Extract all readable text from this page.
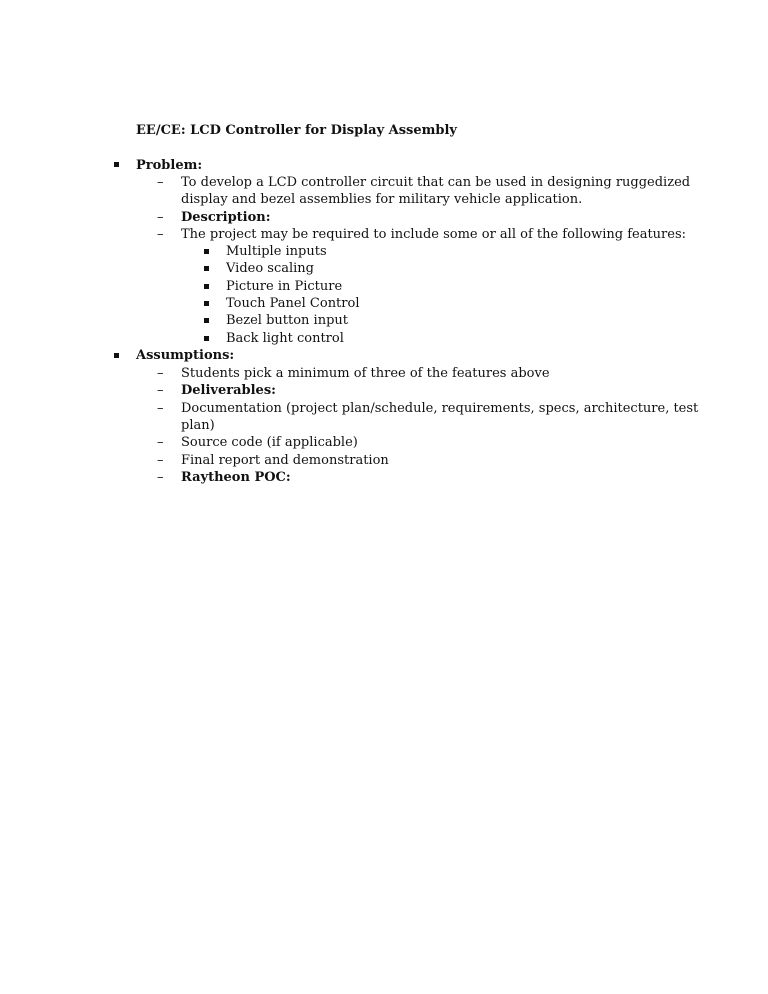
EE/CE: LCD Controller for Display Assembly
Problem:
– To develop a LCD controller circuit that can be used in designing ruggedized
display and bezel assemblies for military vehicle application.
– Description:
– The project may be required to include some or all of the following features:
Multiple inputs
Video scaling
Picture in Picture
Touch Panel Control
Bezel button input
Back light control
Assumptions:
– Students pick a minimum of three of the features above
– Deliverables:
– Documentation (project plan/schedule, requirements, specs, architecture, test
plan)
– Source code (if applicable)
– Final report and demonstration
– Raytheon POC:
